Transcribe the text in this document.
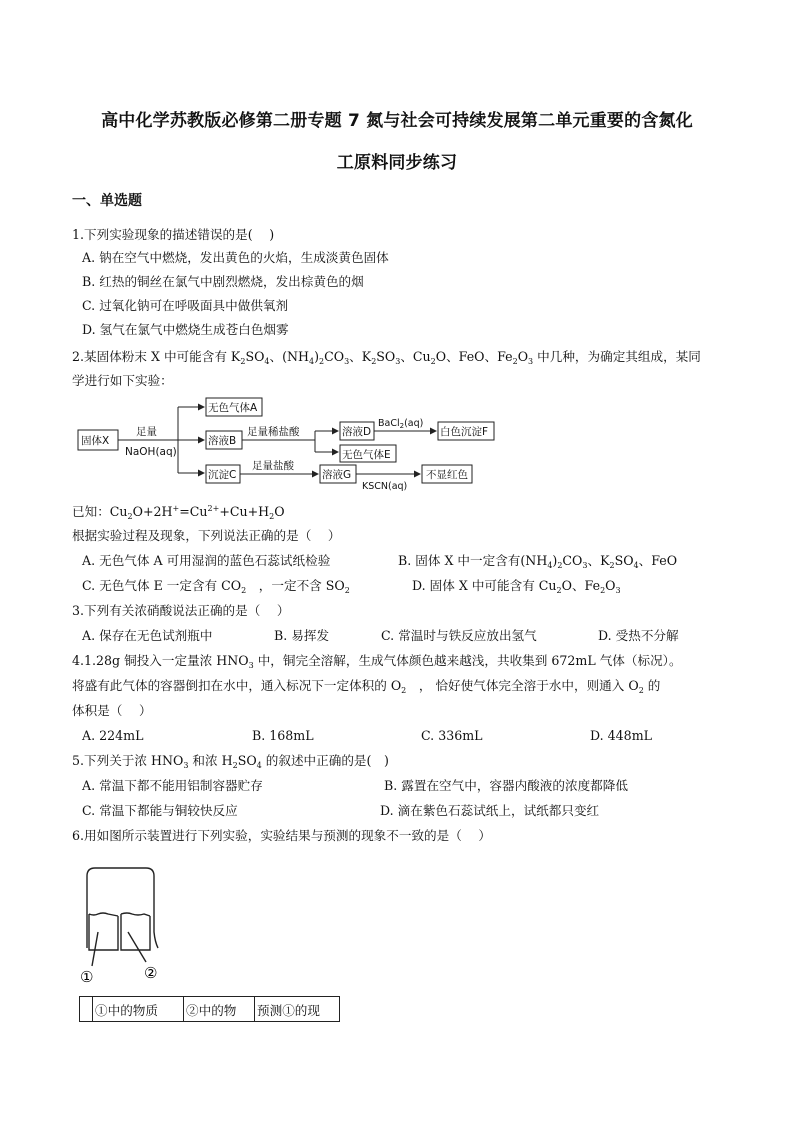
高中化学苏教版必修第二册专题 7 氮与社会可持续发展第二单元重要的含氮化
工原料同步练习
一、单选题
1.下列实验现象的描述错误的是(　 )
A. 钠在空气中燃烧，发出黄色的火焰，生成淡黄色固体
B. 红热的铜丝在氯气中剧烈燃烧，发出棕黄色的烟
C. 过氧化钠可在呼吸面具中做供氧剂
D. 氢气在氯气中燃烧生成苍白色烟雾
2.某固体粉末 X 中可能含有 $K_2SO_4$、$(NH_4)_2CO_3$、$K_2SO_3$、$Cu_2O$、FeO、$Fe_2O_3$ 中几种，为确定其组成，某同
学进行如下实验：
固体X
足量
NaOH(aq)
无色气体A
溶液B
足量稀盐酸	溶液D
BaCl$_2$(aq)
白色沉淀F
无色气体E
沉淀C
足量盐酸
溶液G
KSCN(aq)
不显红色
已知：$Cu_2O+2H^+=Cu^{2+}+Cu+H_2O$
根据实验过程及现象，下列说法正确的是（　 ）
A. 无色气体 A 可用湿润的蓝色石蕊试纸检验	B. 固体 X 中一定含有$(NH_4)_2CO_3$、$K_2SO_4$、FeO
C. 无色气体 E 一定含有 $CO_2$　，一定不含 $SO_2$	D. 固体 X 中可能含有 $Cu_2O$、$Fe_2O_3$
3.下列有关浓硝酸说法正确的是（　 ）
A. 保存在无色试剂瓶中	B. 易挥发	C. 常温时与铁反应放出氢气	D. 受热不分解
4.1.28g 铜投入一定量浓 $HNO_3$ 中，铜完全溶解，生成气体颜色越来越浅，共收集到 672mL 气体（标况）。
将盛有此气体的容器倒扣在水中，通入标况下一定体积的 $O_2$　， 恰好使气体完全溶于水中，则通入 $O_2$ 的
体积是（　 ）
A. 224mL	B. 168mL	C. 336mL	D. 448mL
5.下列关于浓 $HNO_3$ 和浓 $H_2SO_4$ 的叙述中正确的是(　)
A. 常温下都不能用铝制容器贮存	B. 露置在空气中，容器内酸液的浓度都降低
C. 常温下都能与铜较快反应	D. 滴在紫色石蕊试纸上，试纸都只变红
6.用如图所示装置进行下列实验，实验结果与预测的现象不一致的是（　 ）
①	②
	①中的物质	②中的物	预测①的现
